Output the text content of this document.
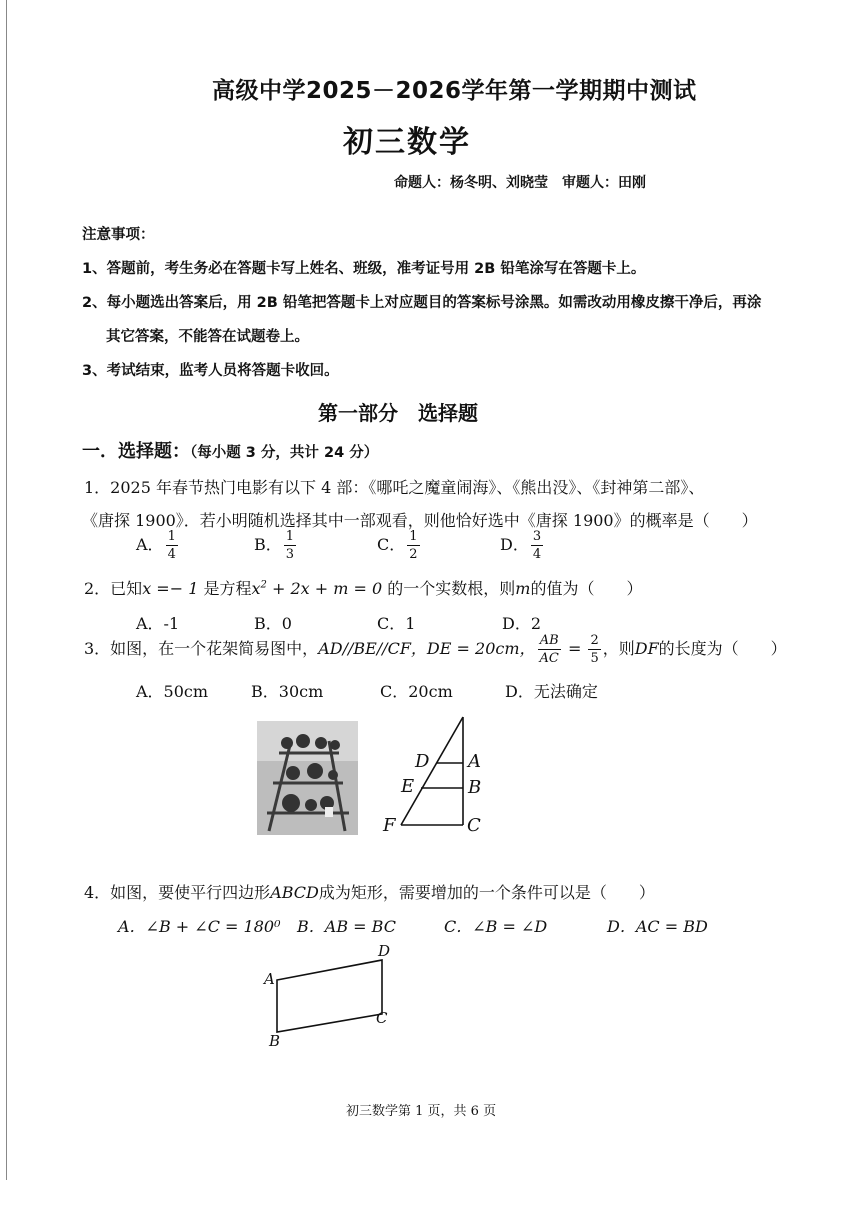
高级中学2025－2026学年第一学期期中测试
初三数学
命题人：杨冬明、刘晓莹　审题人：田刚
注意事项：
1、答题前，考生务必在答题卡写上姓名、班级，准考证号用 2B 铅笔涂写在答题卡上。
2、每小题选出答案后，用 2B 铅笔把答题卡上对应题目的答案标号涂黑。如需改动用橡皮擦干净后，再涂
其它答案，不能答在试题卷上。
3、考试结束，监考人员将答题卡收回。
第一部分　选择题
一．选择题：（每小题 3 分，共计 24 分）
1．2025 年春节热门电影有以下 4 部：《哪吒之魔童闹海》、《熊出没》、《封神第二部》、
《唐探 1900》．若小明随机选择其中一部观看，则他恰好选中《唐探 1900》的概率是（　　）
A． $\frac{1}{4}$	B． $\frac{1}{3}$	C． $\frac{1}{2}$	D． $\frac{3}{4}$
2．已知x =− 1 是方程$x^2 + 2x + m = 0$ 的一个实数根，则m的值为（　　）
A．-1	B．0	C．1	D．2
3．如图，在一个花架简易图中，AD//BE//CF，DE = 20cm， $\frac{AB}{AC} = \frac{2}{5}$ ，则DF的长度为（　　）
A．50cm	B．30cm	C．20cm	D．无法确定
D A
E	B
F	C
4．如图，要使平行四边形ABCD成为矩形，需要增加的一个条件可以是（　　）
A．∠B + ∠C = 180⁰ B．AB = BC	C．∠B = ∠D	D．AC = BD
A
B
C
D
初三数学第 1 页，共 6 页
